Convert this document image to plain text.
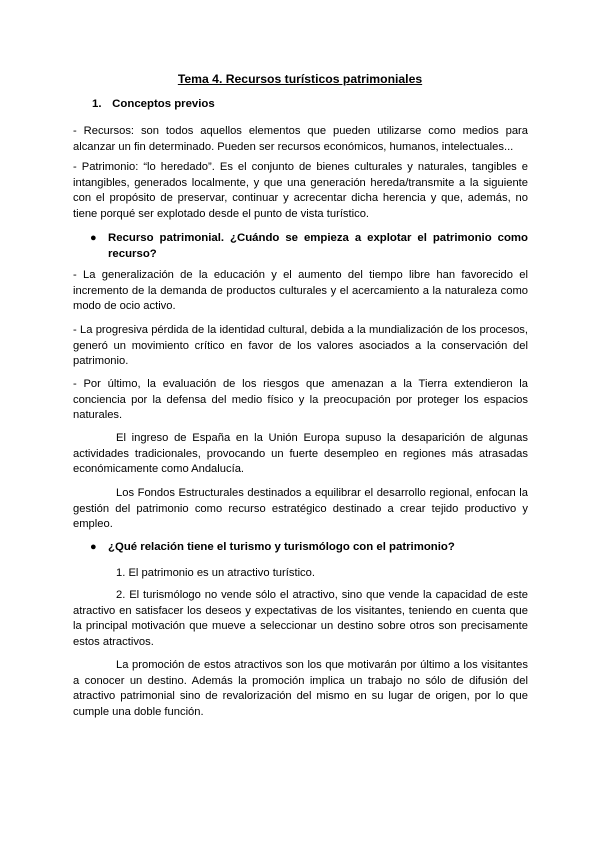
Tema 4. Recursos turísticos patrimoniales
1. Conceptos previos
- Recursos: son todos aquellos elementos que pueden utilizarse como medios para alcanzar un fin determinado. Pueden ser recursos económicos, humanos, intelectuales...
- Patrimonio: “lo heredado”. Es el conjunto de bienes culturales y naturales, tangibles e intangibles, generados localmente, y que una generación hereda/transmite a la siguiente con el propósito de preservar, continuar y acrecentar dicha herencia y que, además, no tiene porqué ser explotado desde el punto de vista turístico.
● Recurso patrimonial. ¿Cuándo se empieza a explotar el patrimonio como recurso?
- La generalización de la educación y el aumento del tiempo libre han favorecido el incremento de la demanda de productos culturales y el acercamiento a la naturaleza como modo de ocio activo.
- La progresiva pérdida de la identidad cultural, debida a la mundialización de los procesos, generó un movimiento crítico en favor de los valores asociados a la conservación del patrimonio.
- Por último, la evaluación de los riesgos que amenazan a la Tierra extendieron la conciencia por la defensa del medio físico y la preocupación por proteger los espacios naturales.
El ingreso de España en la Unión Europa supuso la desaparición de algunas actividades tradicionales, provocando un fuerte desempleo en regiones más atrasadas económicamente como Andalucía.
Los Fondos Estructurales destinados a equilibrar el desarrollo regional, enfocan la gestión del patrimonio como recurso estratégico destinado a crear tejido productivo y empleo.
● ¿Qué relación tiene el turismo y turismólogo con el patrimonio?
1. El patrimonio es un atractivo turístico.
2. El turismólogo no vende sólo el atractivo, sino que vende la capacidad de este atractivo en satisfacer los deseos y expectativas de los visitantes, teniendo en cuenta que la principal motivación que mueve a seleccionar un destino sobre otros son precisamente estos atractivos.
La promoción de estos atractivos son los que motivarán por último a los visitantes a conocer un destino. Además la promoción implica un trabajo no sólo de difusión del atractivo patrimonial sino de revalorización del mismo en su lugar de origen, por lo que cumple una doble función.
